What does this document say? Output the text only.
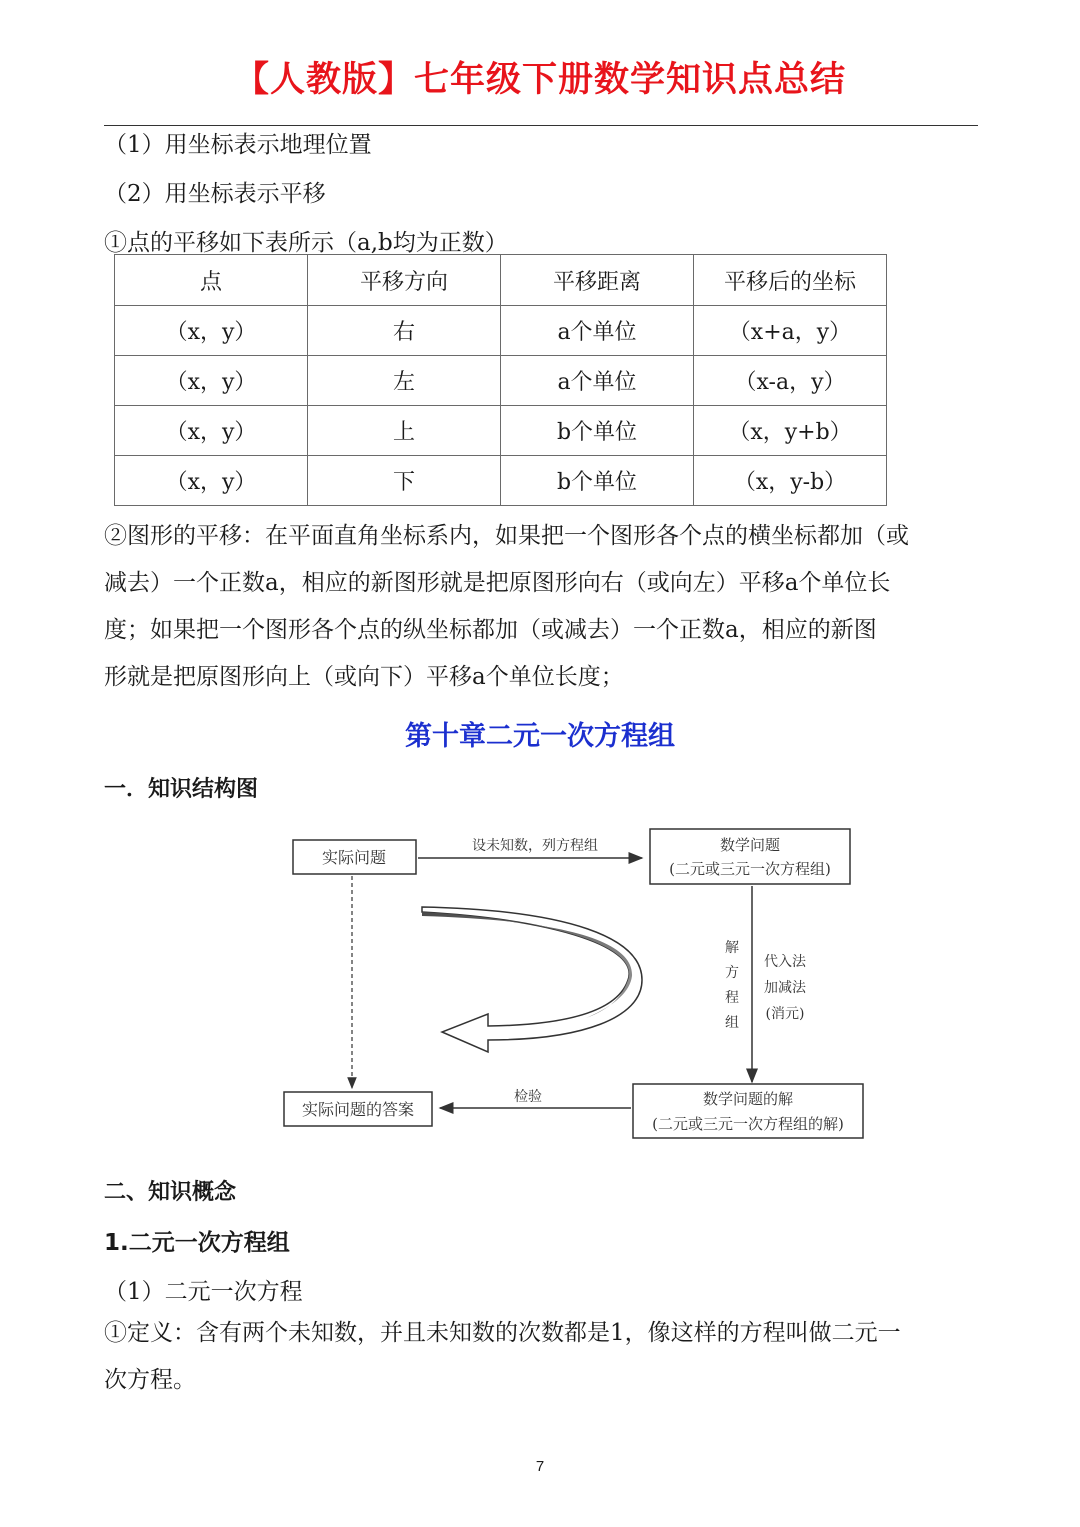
【人教版】七年级下册数学知识点总结
（1）用坐标表示地理位置
（2）用坐标表示平移
①点的平移如下表所示（a,b均为正数）
点	平移方向	平移距离	平移后的坐标
（x，y）	右	a个单位	（x+a，y）
（x，y）	左	a个单位	（x-a，y）
（x，y）	上	b个单位	（x，y+b）
（x，y）	下	b个单位	（x，y-b）
②图形的平移：在平面直角坐标系内，如果把一个图形各个点的横坐标都加（或
减去）一个正数a，相应的新图形就是把原图形向右（或向左）平移a个单位长
度；如果把一个图形各个点的纵坐标都加（或减去）一个正数a，相应的新图
形就是把原图形向上（或向下）平移a个单位长度；
第十章二元一次方程组
一．知识结构图
实际问题
设未知数，列方程组	数学问题
(二元或三元一次方程组)
解
方
程
组
代入法
加减法
(消元)
数学问题的解
(二元或三元一次方程组的解)
检验
实际问题的答案
二、知识概念
1.二元一次方程组
（1）二元一次方程
①定义：含有两个未知数，并且未知数的次数都是1，像这样的方程叫做二元一
次方程。
7
